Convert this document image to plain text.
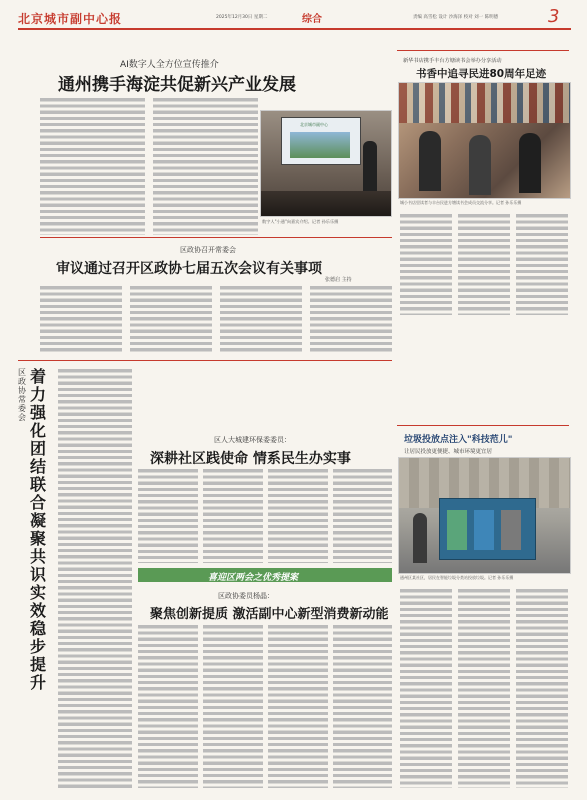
北京城市副中心报	2025年12月30日 星期二	综合	责编 高雪松 设计 沙海泽 校对 刘一 陈明德	3
AI数字人全方位宣传推介
通州携手海淀共促新兴产业发展
北京城市副中心
数字人"小通"向嘉宾介绍。记者 孙乐乐摄
新华书店携手丰台方塘读书会举办分享活动
书香中追寻民进80周年足迹
城小书店里读者与丰台民进方塘读书会成员交流分享。记者 孙乐乐摄
区政协召开常委会
审议通过召开区政协七届五次会议有关事项
张德启 主持
区政协常委会
着力强化团结联合 凝聚共识实效稳步提升
区人大城建环保委委员：
深耕社区践使命 情系民生办实事
垃圾投放点注入"科技范儿"
让居民投放更便捷、城市环境更宜居
通州区某社区，居民在智能垃圾分类站投放垃圾。记者 孙乐乐摄
喜迎区两会之优秀提案
区政协委员杨晶：
聚焦创新提质 激活副中心新型消费新动能
